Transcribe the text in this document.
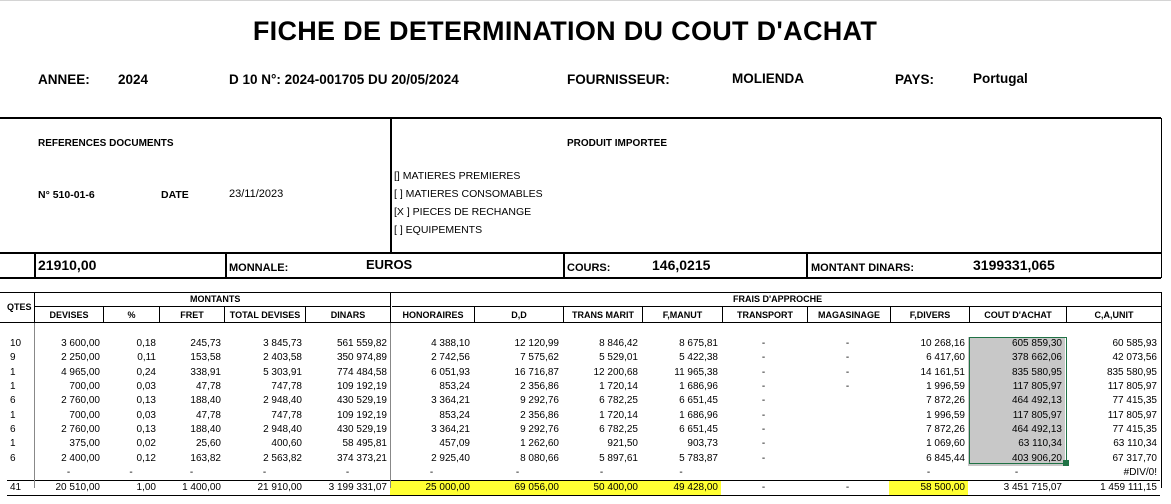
FICHE DE DETERMINATION DU COUT D'ACHAT
ANNEE: 2024	D 10 N°: 2024-001705 DU 20/05/2024	FOURNISSEUR:	MOLIENDA	PAYS:	Portugal
REFERENCES DOCUMENTS
N° 510-01-6	DATE	23/11/2023
PRODUIT IMPORTEE
[] MATIERES PREMIERES
[ ] MATIERES CONSOMABLES
[X ] PIECES DE RECHANGE
[ ] EQUIPEMENTS
21910,00	MONNALE:	EUROS	COURS:	146,0215	MONTANT DINARS:	3199331,065
MONTANTS	FRAIS D'APPROCHE
QTES
DEVISES	%	FRET	TOTAL DEVISES	DINARS	HONORAIRES	D,D	TRANS MARIT	F,MANUT	TRANSPORT	MAGASINAGE	F,DIVERS	COUT D'ACHAT	C,A,UNIT
10	3 600,00	0,18	245,73	3 845,73	561 559,82	4 388,10	12 120,99	8 846,42	8 675,81	-	-	10 268,16	605 859,30	60 585,93
9	2 250,00	0,11	153,58	2 403,58	350 974,89	2 742,56	7 575,62	5 529,01	5 422,38	-	-	6 417,60	378 662,06	42 073,56
1	4 965,00	0,24	338,91	5 303,91	774 484,58	6 051,93	16 716,87	12 200,68	11 965,38	-	-	14 161,51	835 580,95	835 580,95
1	700,00	0,03	47,78	747,78	109 192,19	853,24	2 356,86	1 720,14	1 686,96	-	-	1 996,59	117 805,97	117 805,97
6	2 760,00	0,13	188,40	2 948,40	430 529,19	3 364,21	9 292,76	6 782,25	6 651,45	-		7 872,26	464 492,13	77 415,35
1	700,00	0,03	47,78	747,78	109 192,19	853,24	2 356,86	1 720,14	1 686,96	-		1 996,59	117 805,97	117 805,97
6	2 760,00	0,13	188,40	2 948,40	430 529,19	3 364,21	9 292,76	6 782,25	6 651,45	-		7 872,26	464 492,13	77 415,35
1	375,00	0,02	25,60	400,60	58 495,81	457,09	1 262,60	921,50	903,73	-		1 069,60	63 110,34	63 110,34
6	2 400,00	0,12	163,82	2 563,82	374 373,21	2 925,40	8 080,66	5 897,61	5 783,87	-		6 845,44	403 906,20	67 317,70
	-	-	-	-	-	-	-	-	-			-	-	#DIV/0!
41	20 510,00	1,00	1 400,00	21 910,00	3 199 331,07	25 000,00	69 056,00	50 400,00	49 428,00	-	-	58 500,00	3 451 715,07	1 459 111,15
